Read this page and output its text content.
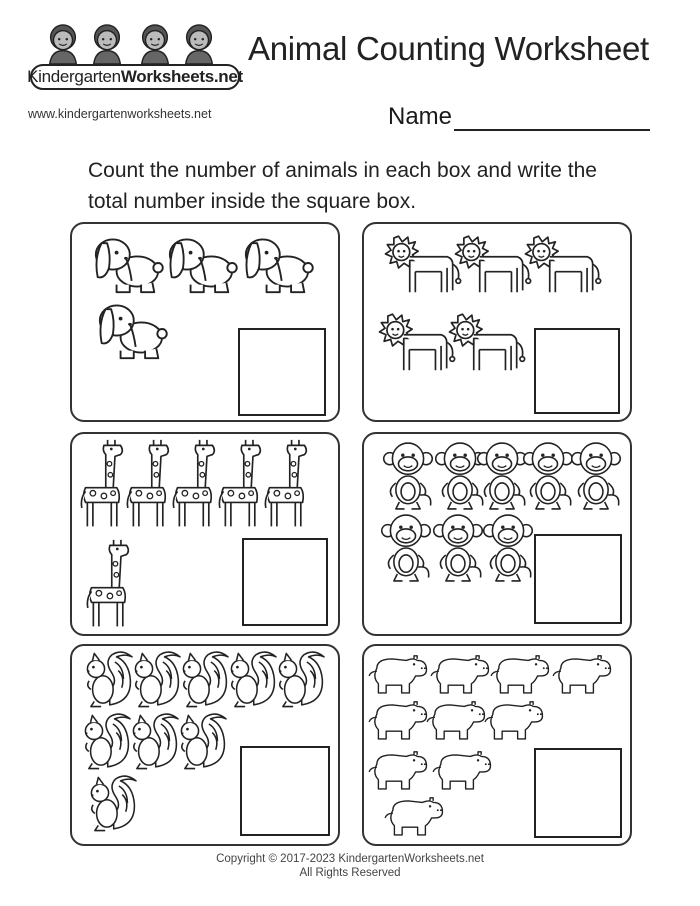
Kindergarten Worksheets.net
www.kindergartenworksheets.net
Animal Counting Worksheet
Name
Count the number of animals in each box and write the
total number inside the square box.
Copyright © 2017-2023 KindergartenWorksheets.net
All Rights Reserved
